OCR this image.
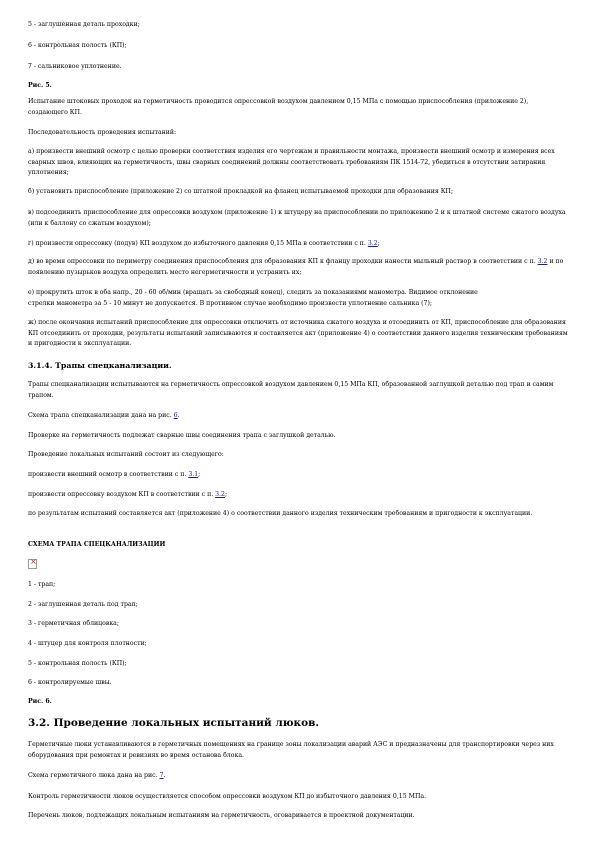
5 - заглушенная деталь проходки;
6 - контрольная полость (КП);
7 - сальниковое уплотнение.
Рис. 5.
Испытание штоковых проходок на герметичность проводится опрессовкой воздухом давлением 0,15 МПа с помощью приспособления (приложение 2), создающего КП.
Последовательность проведения испытаний:
а) произвести внешний осмотр с целью проверки соответствия изделия его чертежам и правильности монтажа, произвести внешний осмотр и измерения всех сварных швов, влияющих на герметичность, швы сварных соединений должны соответствовать требованиям ПК 1514-72, убедиться в отсутствии затирания уплотнения;
б) установить приспособление (приложение 2) со штатной прокладкой на фланец испытываемой проходки для образования КП;
в) подсоединить приспособление для опрессовки воздухом (приложение 1) к штуцеру на приспособлении по приложению 2 и к штатной системе сжатого воздуха (или к баллону со сжатым воздухом);
г) произвести опрессовку (подув) КП воздухом до избыточного давления 0,15 МПа в соответствии с п. 3.2;
д) во время опрессовки по периметру соединения приспособления для образования КП к фланцу проходки нанести мыльный раствор в соответствии с п. 3.2 и по появлению пузырьков воздуха определить место негерметичности и устранить их;
е) прокрутить шток в оба напр., 20 - 60 об/мин (вращать за свободный конец), следить за показаниями манометра. Видимое отклонение
стрелки манометра за 5 - 10 минут не допускается. В противном случае необходимо произвести уплотнение сальника (7);
ж) после окончания испытаний приспособление для опрессовки отключить от источника сжатого воздуха и отсоединить от КП, приспособление для образования КП отсоединить от проходки, результаты испытаний записываются и составляется акт (приложение 4) о соответствии данного изделия техническим требованиям и пригодности к эксплуатации.
3.1.4. Трапы спецканализации.
Трапы спецканализации испытываются на герметичность опрессовкой воздухом давлением 0,15 МПа КП, образованной заглушкой деталью под трап и самим трапом.
Схема трапа спецканализации дана на рис. 6.
Проверке на герметичность подлежат сварные швы соединения трапа с заглушкой деталью.
Проведение локальных испытаний состоит из следующего:
произвести внешний осмотр в соответствии с п. 3.1;
произвести опрессовку воздухом КП в соответствии с п. 3.2;
по результатам испытаний составляется акт (приложение 4) о соответствии данного изделия техническим требованиям и пригодности к эксплуатации.
СХЕМА ТРАПА СПЕЦКАНАЛИЗАЦИИ
×
1 - трап;
2 - заглушенная деталь под трап;
3 - герметичная облицовка;
4 - штуцер для контроля плотности;
5 - контрольная полость (КП);
6 - контролируемые швы.
Рис. 6.
3.2. Проведение локальных испытаний люков.
Герметичные люки устанавливаются в герметичных помещениях на границе зоны локализации аварий АЭС и предназначены для транспортировки через них оборудования при ремонтах и ревизиях во время останова блока.
Схема герметичного люка дана на рис. 7.
Контроль герметичности люков осуществляется способом опрессовки воздухом КП до избыточного давления 0,15 МПа.
Перечень люков, подлежащих локальным испытаниям на герметичность, оговаривается в проектной документации.
